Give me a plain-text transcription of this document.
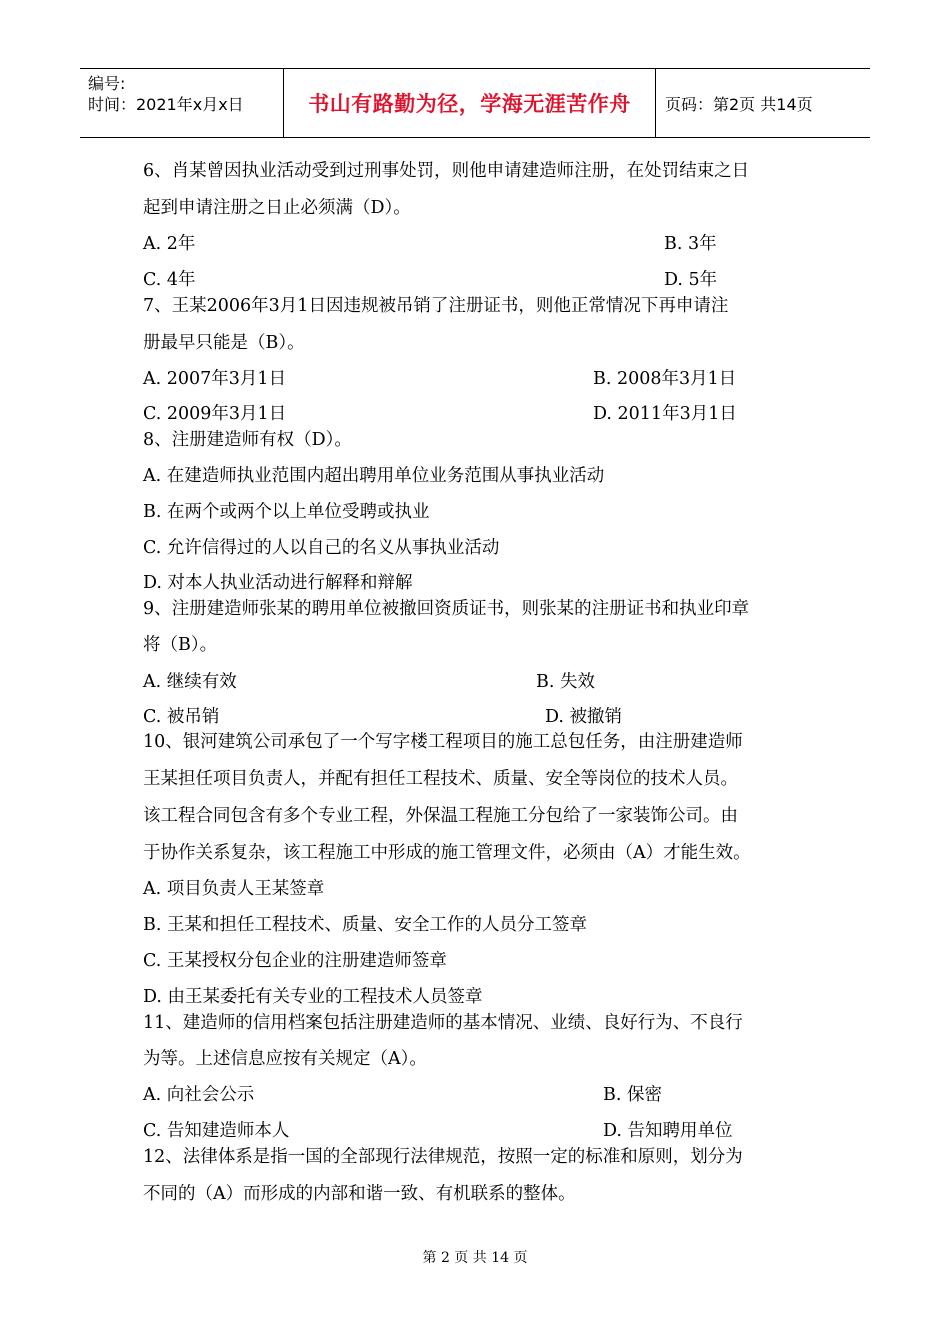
编号:
时间：2021年x月x日	书山有路勤为径，学海无涯苦作舟	页码：第2页 共14页
6、肖某曾因执业活动受到过刑事处罚，则他申请建造师注册，在处罚结束之日
起到申请注册之日止必须满（D）。
A. 2年	B. 3年
C. 4年	D. 5年
7、王某2006年3月1日因违规被吊销了注册证书，则他正常情况下再申请注
册最早只能是（B）。
A. 2007年3月1日	B. 2008年3月1日
C. 2009年3月1日	D. 2011年3月1日
8、注册建造师有权（D）。
A. 在建造师执业范围内超出聘用单位业务范围从事执业活动
B. 在两个或两个以上单位受聘或执业
C. 允许信得过的人以自己的名义从事执业活动
D. 对本人执业活动进行解释和辩解
9、注册建造师张某的聘用单位被撤回资质证书，则张某的注册证书和执业印章
将（B）。
A. 继续有效	B. 失效
C. 被吊销	D. 被撤销
10、银河建筑公司承包了一个写字楼工程项目的施工总包任务，由注册建造师
王某担任项目负责人，并配有担任工程技术、质量、安全等岗位的技术人员。
该工程合同包含有多个专业工程，外保温工程施工分包给了一家装饰公司。由
于协作关系复杂，该工程施工中形成的施工管理文件，必须由（A）才能生效。
A. 项目负责人王某签章
B. 王某和担任工程技术、质量、安全工作的人员分工签章
C. 王某授权分包企业的注册建造师签章
D. 由王某委托有关专业的工程技术人员签章
11、建造师的信用档案包括注册建造师的基本情况、业绩、良好行为、不良行
为等。上述信息应按有关规定（A）。
A. 向社会公示	B. 保密
C. 告知建造师本人	D. 告知聘用单位
12、法律体系是指一国的全部现行法律规范，按照一定的标准和原则，划分为
不同的（A）而形成的内部和谐一致、有机联系的整体。
第 2 页 共 14 页
